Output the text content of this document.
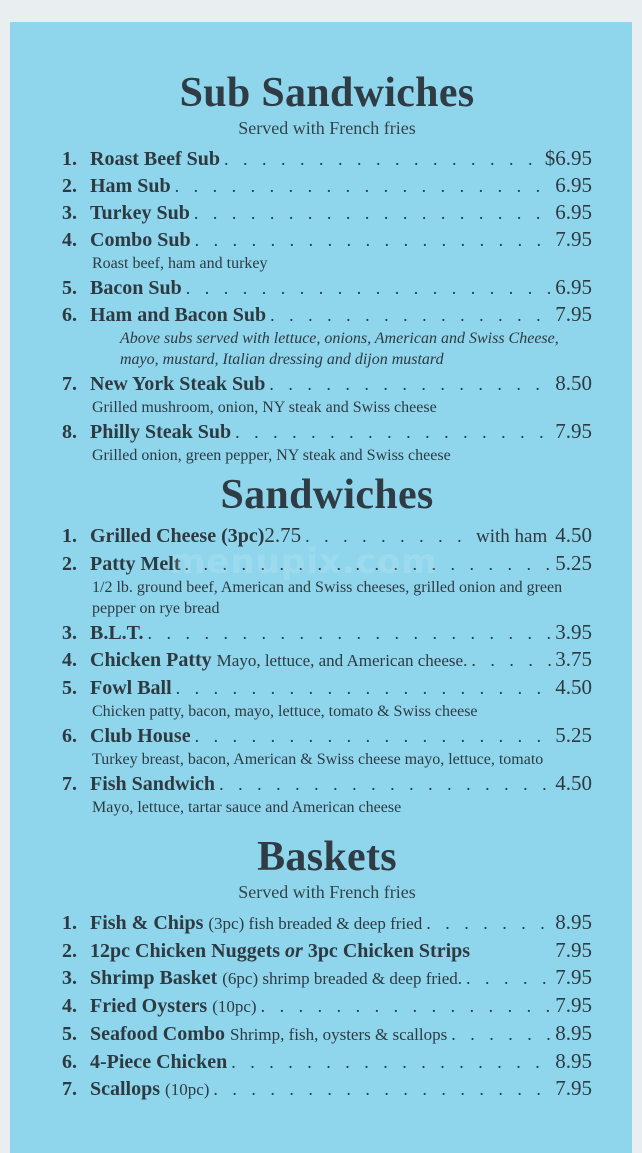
menupix.com
Sub Sandwiches
Served with French fries
1. Roast Beef Sub . . .	$6.95
2. Ham Sub . . .	6.95
3. Turkey Sub . . .	6.95
4. Combo Sub . . .	7.95
Roast beef, ham and turkey
5. Bacon Sub . . .	6.95
6. Ham and Bacon Sub . . .	7.95
Above subs served with lettuce, onions, American and Swiss Cheese, mayo, mustard, Italian dressing and dijon mustard
7. New York Steak Sub . . .	8.50
Grilled mushroom, onion, NY steak and Swiss cheese
8. Philly Steak Sub . . .	7.95
Grilled onion, green pepper, NY steak and Swiss cheese
Sandwiches
1. Grilled Cheese (3pc) 2.75 . . .	with ham 4.50
2. Patty Melt . . .	5.25
1/2 lb. ground beef, American and Swiss cheeses, grilled onion and green pepper on rye bread
3. B.L.T. . . .	3.95
4. Chicken Patty Mayo, lettuce, and American cheese. . . .	3.75
5. Fowl Ball . . .	4.50
Chicken patty, bacon, mayo, lettuce, tomato & Swiss cheese
6. Club House . . .	5.25
Turkey breast, bacon, American & Swiss cheese mayo, lettuce, tomato
7. Fish Sandwich . . .	4.50
Mayo, lettuce, tartar sauce and American cheese
Baskets
Served with French fries
1. Fish & Chips (3pc) fish breaded & deep fried . . .	8.95
2. 12pc Chicken Nuggets or 3pc Chicken Strips	7.95
3. Shrimp Basket (6pc) shrimp breaded & deep fried. . . .	7.95
4. Fried Oysters (10pc) . . .	7.95
5. Seafood Combo Shrimp, fish, oysters & scallops . . .	8.95
6. 4-Piece Chicken . . .	8.95
7. Scallops (10pc) . . .	7.95
